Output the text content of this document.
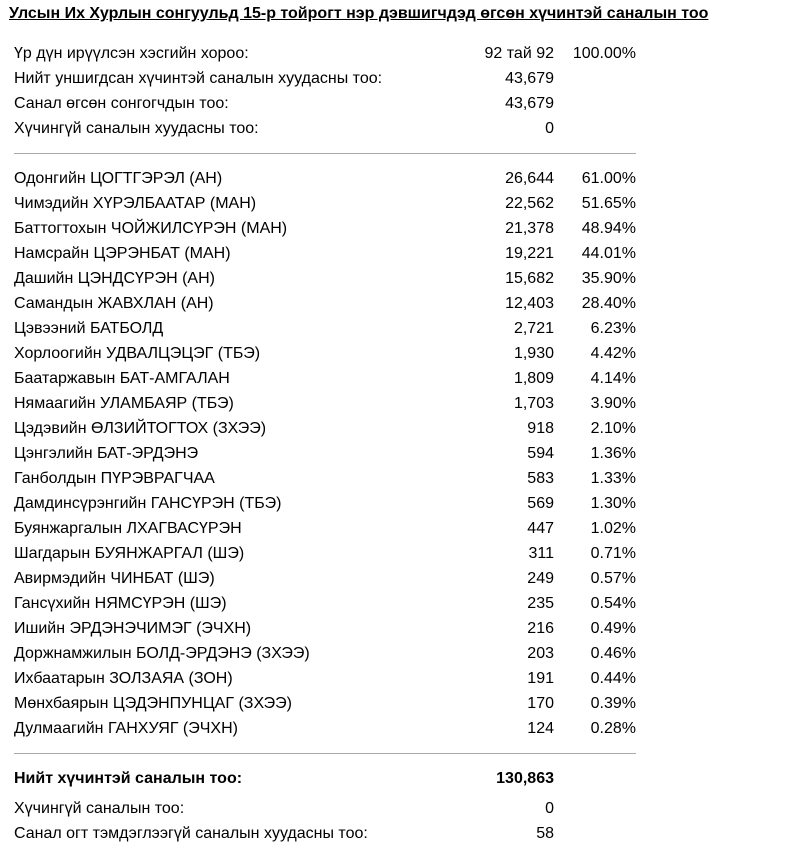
Улсын Их Хурлын сонгуульд 15-р тойрогт нэр дэвшигчдэд өгсөн хүчинтэй саналын тоо
Үр дүн ирүүлсэн хэсгийн хороо:	92 тай 92 100.00%
Нийт уншигдсан хүчинтэй саналын хуудасны тоо:	43,679
Санал өгсөн сонгогчдын тоо:	43,679
Хүчингүй саналын хуудасны тоо:	0
Одонгийн ЦОГТГЭРЭЛ (АН)	26,644 61.00%
Чимэдийн ХҮРЭЛБААТАР (МАН)	22,562 51.65%
Баттогтохын ЧОЙЖИЛСҮРЭН (МАН)	21,378 48.94%
Намсрайн ЦЭРЭНБАТ (МАН)	19,221 44.01%
Дашийн ЦЭНДСҮРЭН (АН)	15,682 35.90%
Самандын ЖАВХЛАН (АН)	12,403 28.40%
Цэвээний БАТБОЛД	2,721 6.23%
Хорлоогийн УДВАЛЦЭЦЭГ (ТБЭ)	1,930 4.42%
Баатаржавын БАТ-АМГАЛАН	1,809 4.14%
Нямаагийн УЛАМБАЯР (ТБЭ)	1,703 3.90%
Цэдэвийн ӨЛЗИЙТОГТОХ (ЗХЭЭ)	918 2.10%
Цэнгэлийн БАТ-ЭРДЭНЭ	594 1.36%
Ганболдын ПҮРЭВРАГЧАА	583 1.33%
Дамдинсүрэнгийн ГАНСҮРЭН (ТБЭ)	569 1.30%
Буянжаргалын ЛХАГВАСҮРЭН	447 1.02%
Шагдарын БУЯНЖАРГАЛ (ШЭ)	311 0.71%
Авирмэдийн ЧИНБАТ (ШЭ)	249 0.57%
Гансүхийн НЯМСҮРЭН (ШЭ)	235 0.54%
Ишийн ЭРДЭНЭЧИМЭГ (ЭЧХН)	216 0.49%
Доржнамжилын БОЛД-ЭРДЭНЭ (ЗХЭЭ)	203 0.46%
Ихбаатарын ЗОЛЗАЯА (ЗОН)	191 0.44%
Мөнхбаярын ЦЭДЭНПУНЦАГ (ЗХЭЭ)	170 0.39%
Дулмаагийн ГАНХУЯГ (ЭЧХН)	124 0.28%
Нийт хүчинтэй саналын тоо:	130,863
Хүчингүй саналын тоо:	0
Санал огт тэмдэглээгүй саналын хуудасны тоо:	58
